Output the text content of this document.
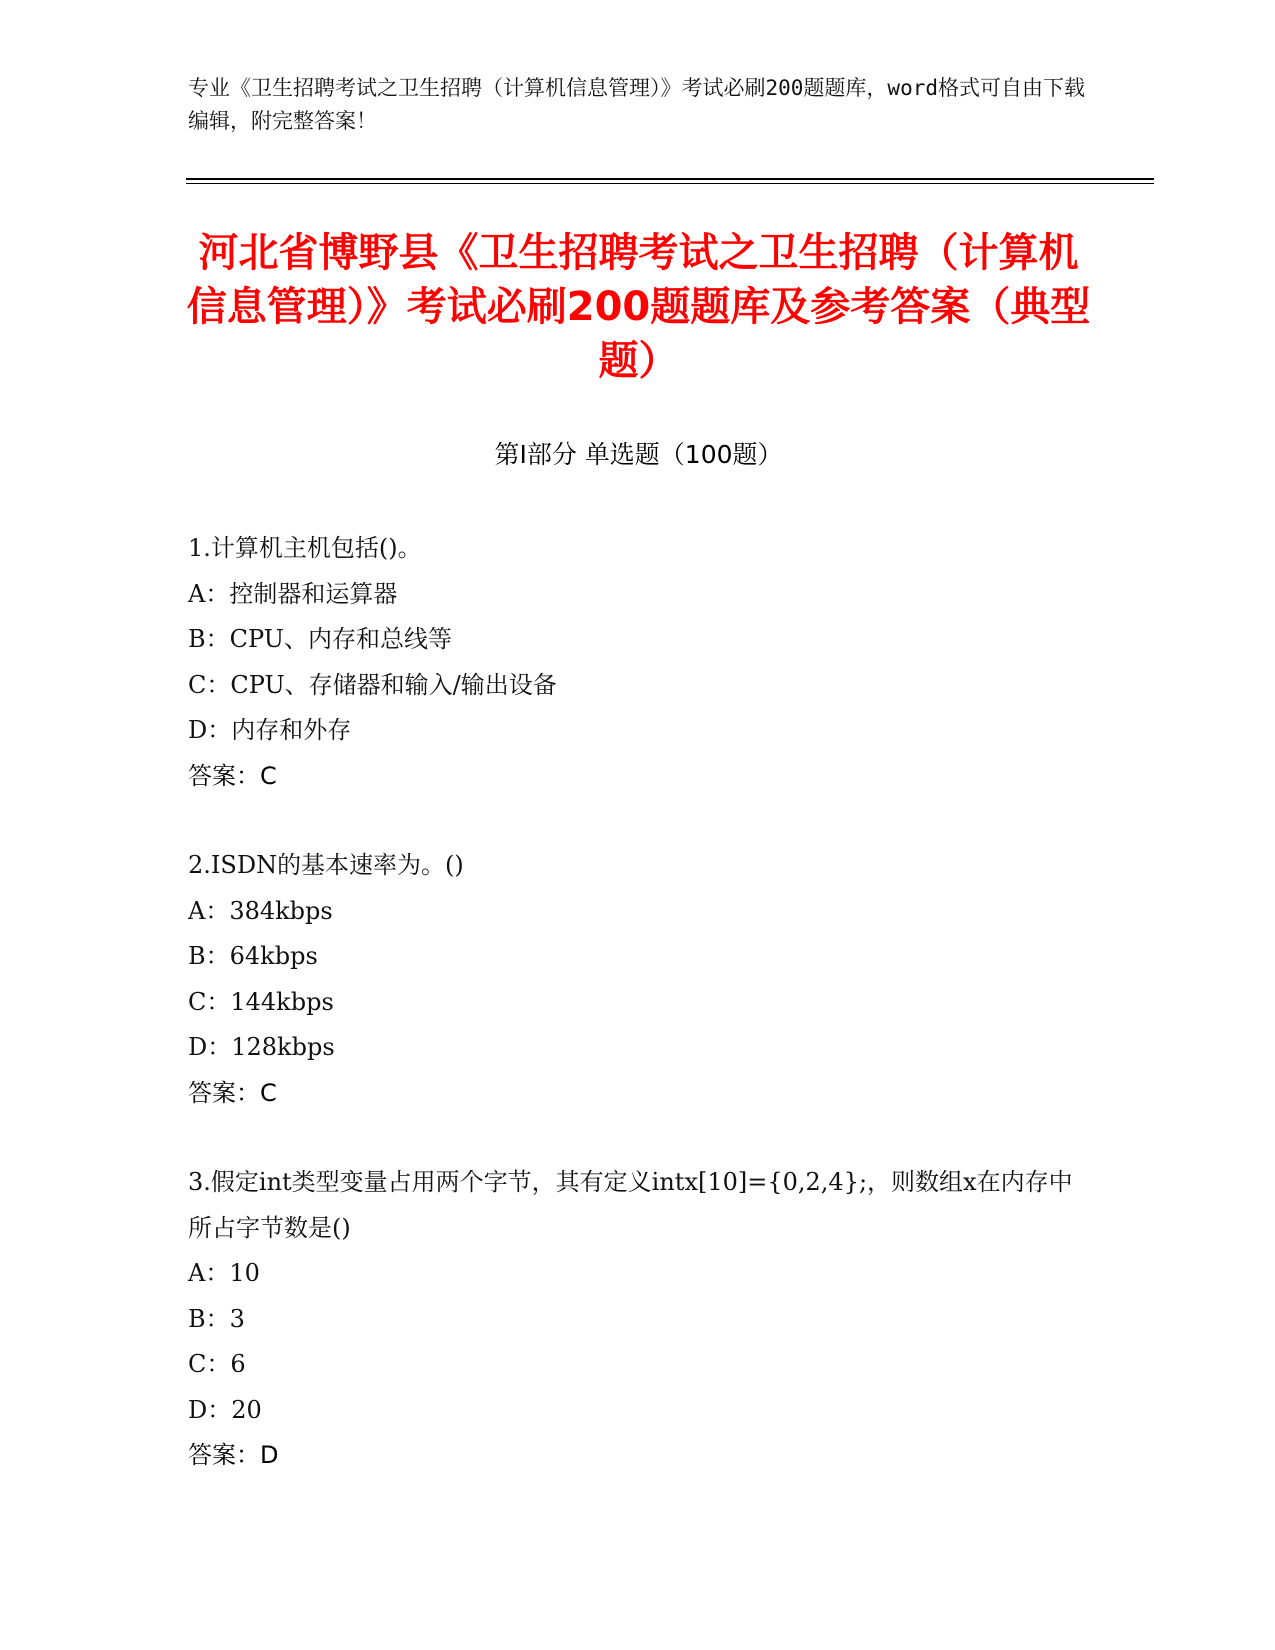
专业《卫生招聘考试之卫生招聘（计算机信息管理）》考试必刷200题题库，word格式可自由下载编辑，附完整答案！
河北省博野县《卫生招聘考试之卫生招聘（计算机信息管理）》考试必刷200题题库及参考答案（典型题）
第I部分 单选题（100题）
1.计算机主机包括()。
A：控制器和运算器
B：CPU、内存和总线等
C：CPU、存储器和输入/输出设备
D：内存和外存
答案：C
2.ISDN的基本速率为。()
A：384kbps
B：64kbps
C：144kbps
D：128kbps
答案：C
3.假定int类型变量占用两个字节，其有定义intx[10]={0,2,4};，则数组x在内存中所占字节数是()
A：10
B：3
C：6
D：20
答案：D
